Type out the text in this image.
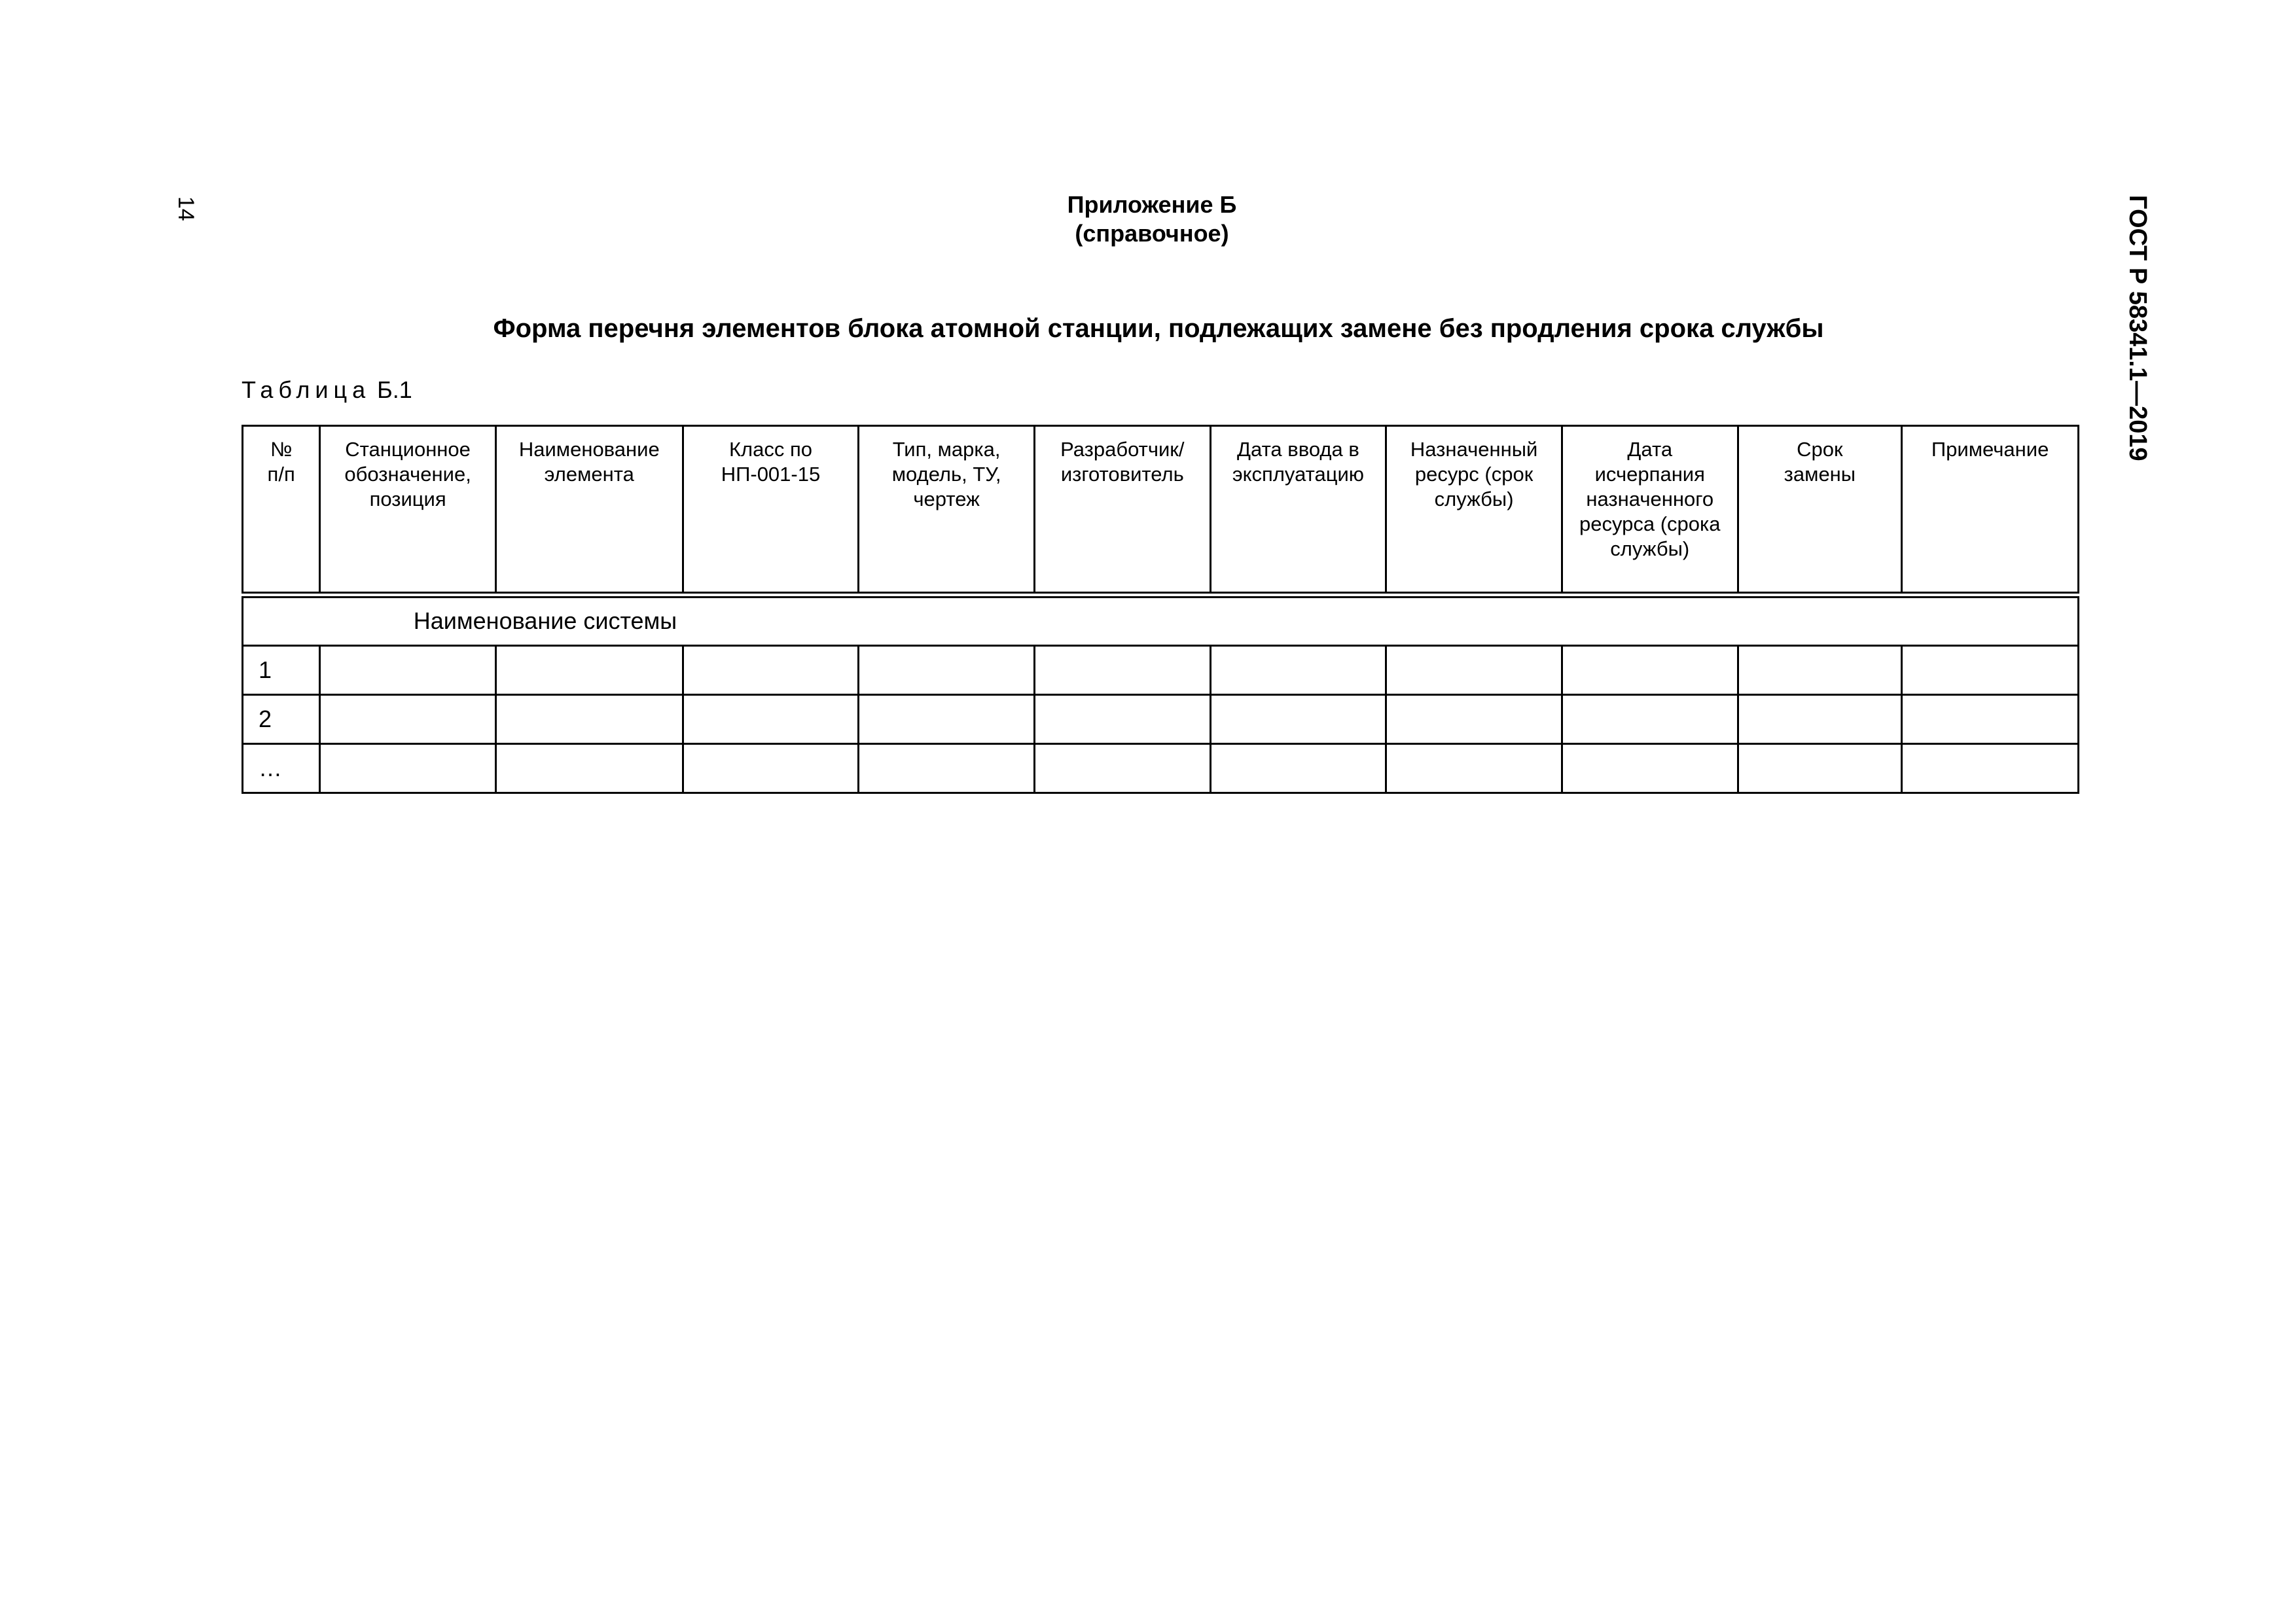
14	ГОСТ Р 58341.1—2019
Приложение Б
(справочное)
Форма перечня элементов блока атомной станции, подлежащих замене без продления срока службы
Таблица Б.1
№ п/п	Станционное обозначение, позиция	Наименование элемента	Класс по НП-001-15	Тип, марка, модель, ТУ, чертеж	Разработчик/ изготовитель	Дата ввода в эксплуатацию	Назначенный ресурс (срок службы)	Дата исчерпания назначенного ресурса (срока службы)	Срок замены	Примечание
	Наименование системы									
1										
2										
…										
